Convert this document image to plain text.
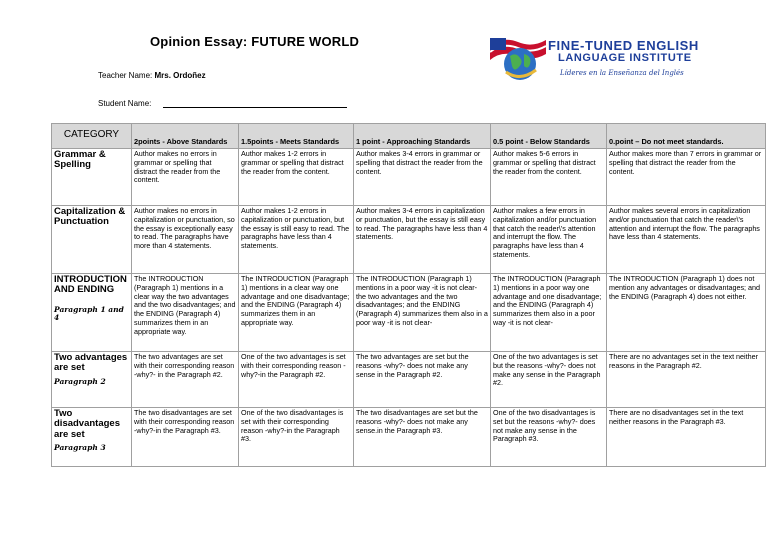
Opinion Essay: FUTURE WORLD	FINE-TUNED ENGLISH
LANGUAGE INSTITUTE
Líderes en la Enseñanza del Inglés
Teacher Name: Mrs. Ordoñez
Student Name:
CATEGORY	2points - Above Standards	1.5points - Meets Standards	1 point - Approaching Standards	0.5 point - Below Standards	0.point – Do not meet standards.
Grammar & Spelling	Author makes no errors in grammar or spelling that distract the reader from the content.	Author makes 1-2 errors in grammar or spelling that distract the reader from the content.	Author makes 3-4 errors in grammar or spelling that distract the reader from the content.	Author makes 5-6 errors in grammar or spelling that distract the reader from the content.	Author makes more than 7 errors in grammar or spelling that distract the reader from the content.
Capitalization & Punctuation	Author makes no errors in capitalization or punctuation, so the essay is exceptionally easy to read. The paragraphs have more than 4 statements.	Author makes 1-2 errors in capitalization or punctuation, but the essay is still easy to read. The paragraphs have less than 4 statements.	Author makes 3-4 errors in capitalization or punctuation, but the essay is still easy to read. The paragraphs have less than 4 statements.	Author makes a few errors in capitalization and/or punctuation that catch the reader\'s attention and interrupt the flow. The paragraphs have less than 4 statements.	Author makes several errors in capitalization and/or punctuation that catch the reader\'s attention and interrupt the flow. The paragraphs have less than 4 statements.
INTRODUCTION AND ENDING
Paragraph 1 and 4	The INTRODUCTION (Paragraph 1) mentions in a clear way the two advantages and the two disadvantages; and the ENDING (Paragraph 4) summarizes them in an appropriate way.	The INTRODUCTION (Paragraph 1) mentions in a clear way one advantage and one disadvantage; and the ENDING (Paragraph 4) summarizes them in an appropriate way.	The INTRODUCTION (Paragraph 1) mentions in a poor way -it is not clear- the two advantages and the two disadvantages; and the ENDING (Paragraph 4) summarizes them also in a poor way -it is not clear-	The INTRODUCTION (Paragraph 1) mentions in a poor way one advantage and one disadvantage; and the ENDING (Paragraph 4) summarizes them also in a poor way -it is not clear-	The INTRODUCTION (Paragraph 1) does not mention any advantages or disadvantages; and the ENDING (Paragraph 4) does not either.
Two advantages are set
Paragraph 2	The two advantages are set with their corresponding reason -why?- in the Paragraph #2.	One of the two advantages is set with their corresponding reason -why?-in the Paragraph #2.	The two advantages are set but the reasons -why?- does not make any sense in the Paragraph #2.	One of the two advantages is set but the reasons -why?- does not make any sense in the Paragraph #2.	There are no advantages set in the text neither reasons in the Paragraph #2.
Two disadvantages are set
Paragraph 3	The two disadvantages are set with their corresponding reason -why?-in the Paragraph #3.	One of the two disadvantages is set with their corresponding reason -why?-in the Paragraph #3.	The two disadvantages are set but the reasons -why?- does not make any sense.in the Paragraph #3.	One of the two disadvantages is set but the reasons -why?- does not make any sense in the Paragraph #3.	There are no disadvantages set in the text neither reasons in the Paragraph #3.
